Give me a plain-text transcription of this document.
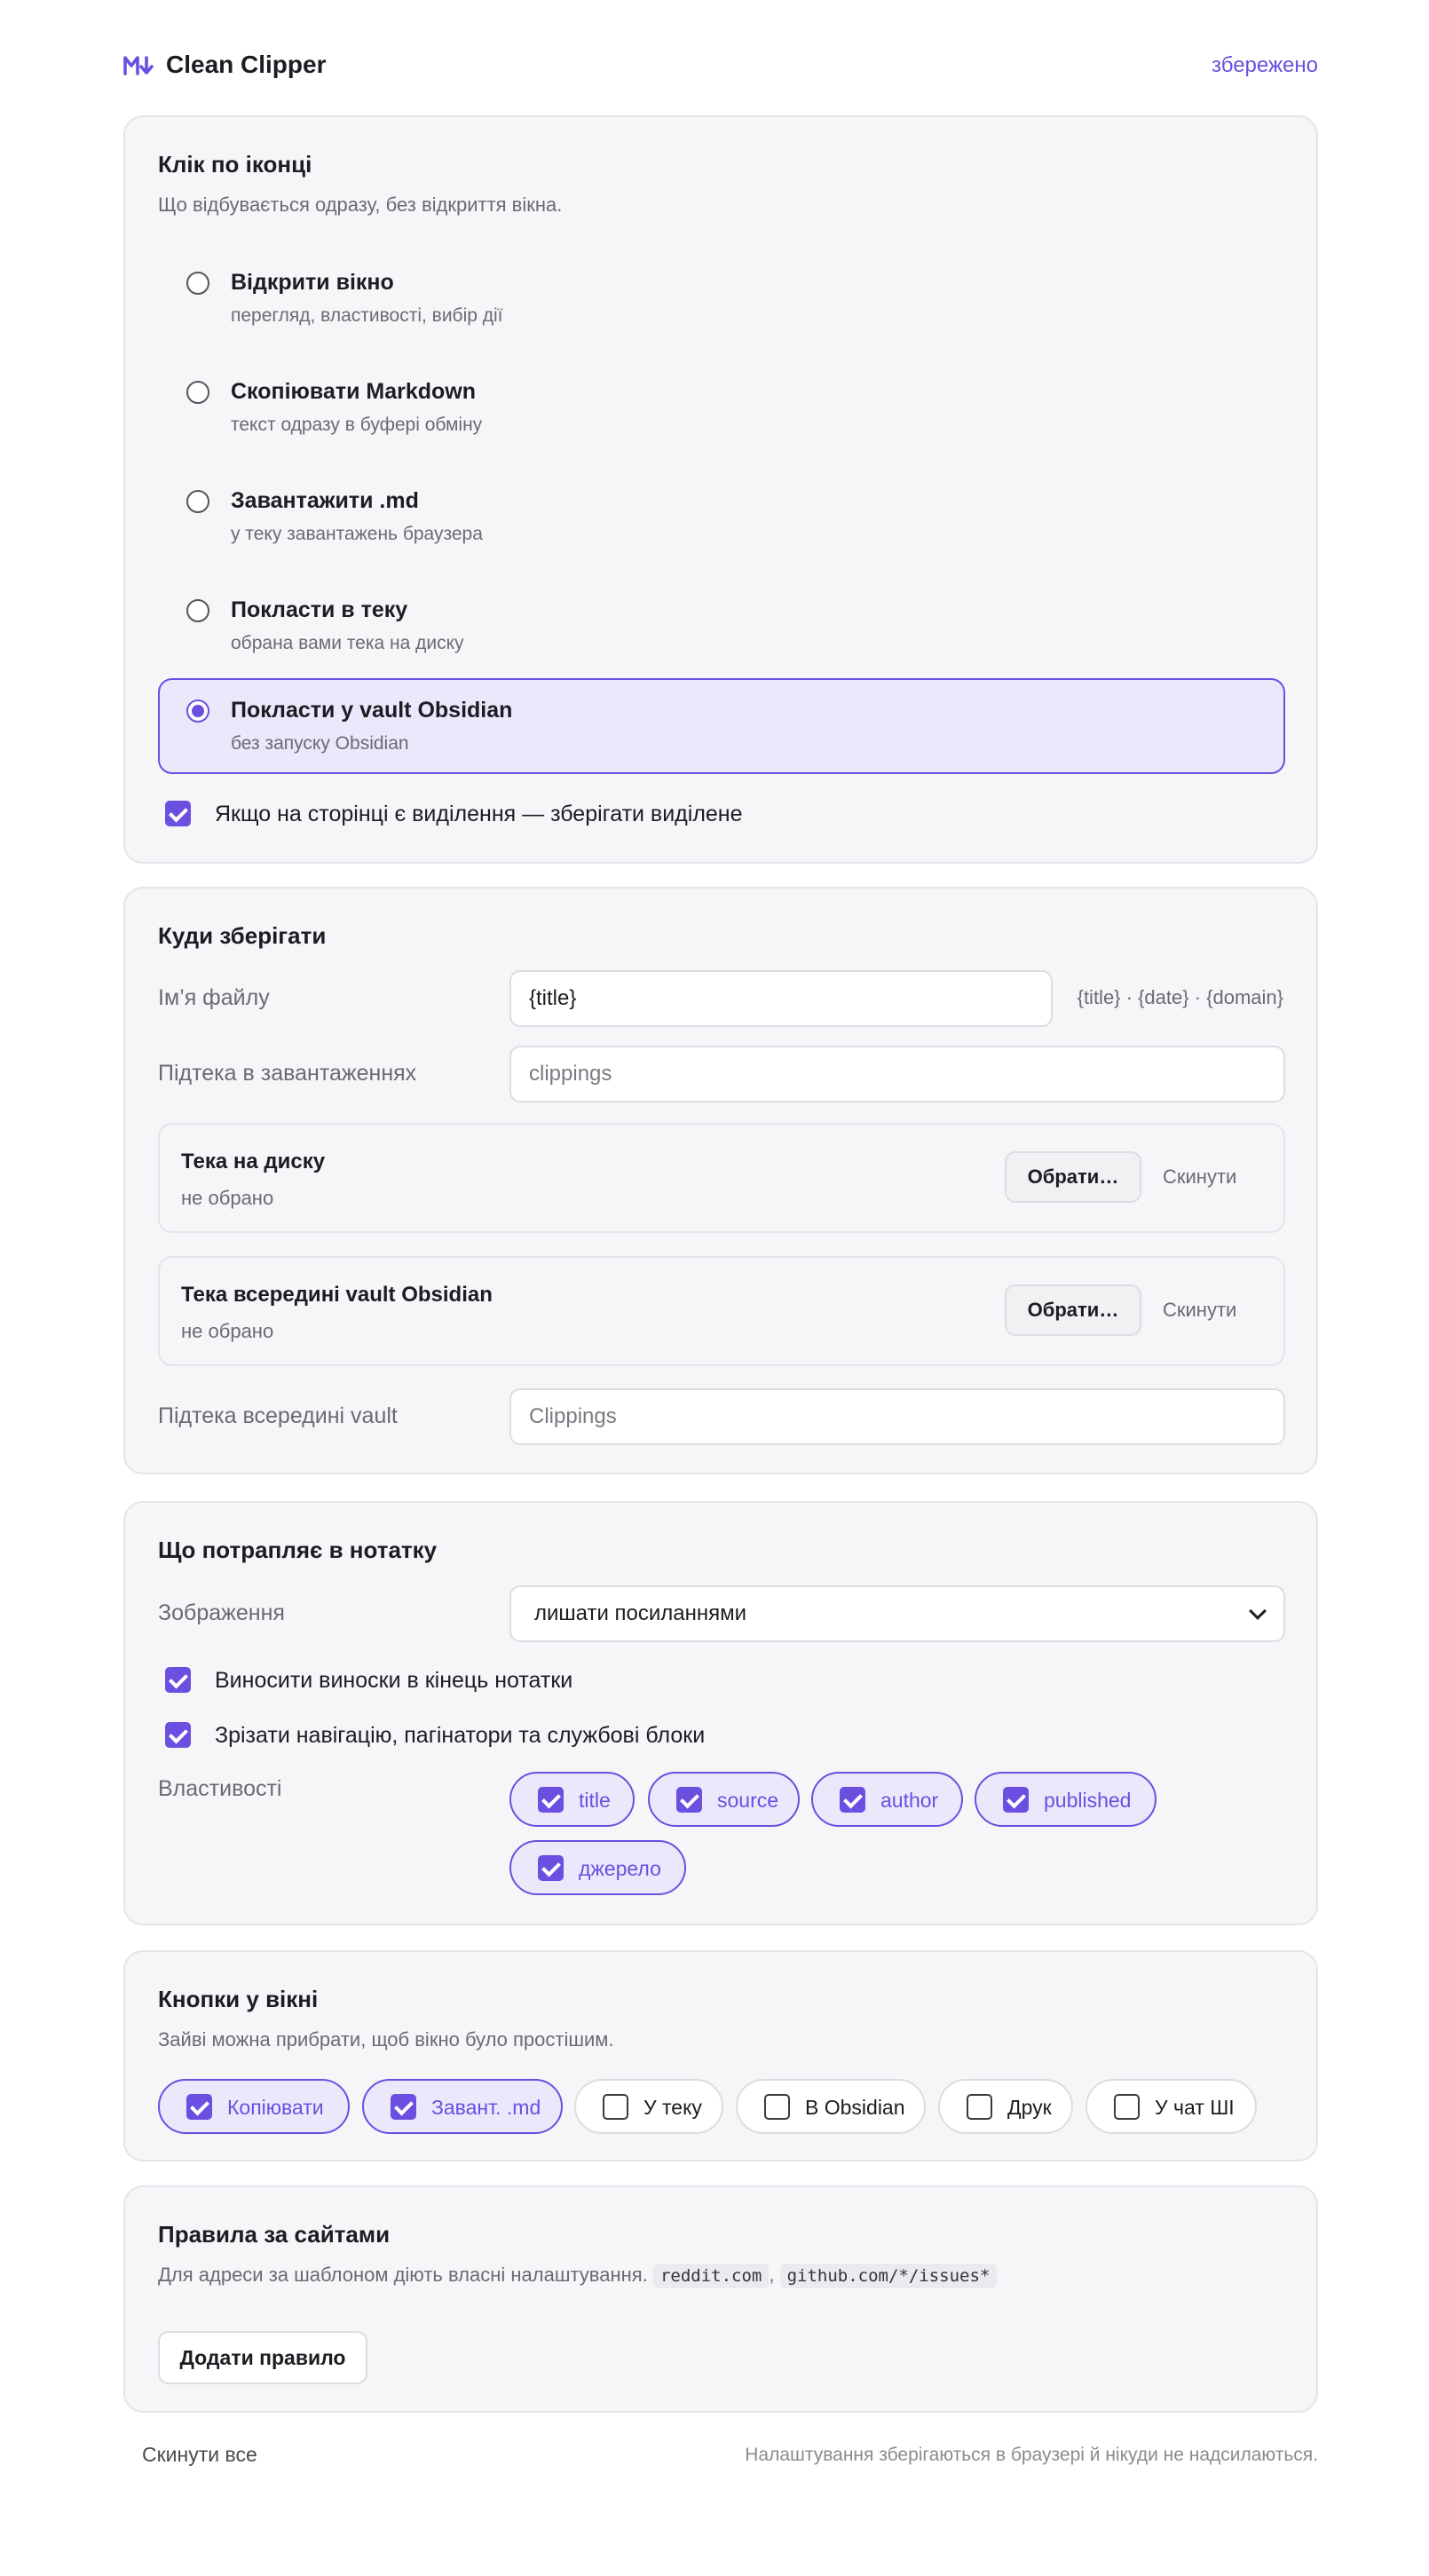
Clean Clipper	збережено
Клік по іконці
Що відбувається одразу, без відкриття вікна.
Відкрити вікно
перегляд, властивості, вибір дії
Скопіювати Markdown
текст одразу в буфері обміну
Завантажити .md
у теку завантажень браузера
Покласти в теку
обрана вами тека на диску
Покласти у vault Obsidian
без запуску Obsidian
Якщо на сторінці є виділення — зберігати виділене
Куди зберігати
Ім’я файлу	{title}	{title} · {date} · {domain}
Підтека в завантаженнях	clippings
Тека на диску
не обрано
Обрати…	Скинути
Тека всередині vault Obsidian
не обрано
Обрати…	Скинути
Підтека всередині vault	Clippings
Що потрапляє в нотатку
Зображення	лишати посиланнями
Виносити виноски в кінець нотатки
Зрізати навігацію, пагінатори та службові блоки
Властивості	title	source	author	published
джерело
Кнопки у вікні
Зайві можна прибрати, щоб вікно було простішим.
Копіювати	Завант. .md	У теку	В Obsidian	Друк	У чат ШІ
Правила за сайтами
Для адреси за шаблоном діють власні налаштування. reddit.com , github.com/*/issues*
Додати правило
Скинути все	Налаштування зберігаються в браузері й нікуди не надсилаються.
